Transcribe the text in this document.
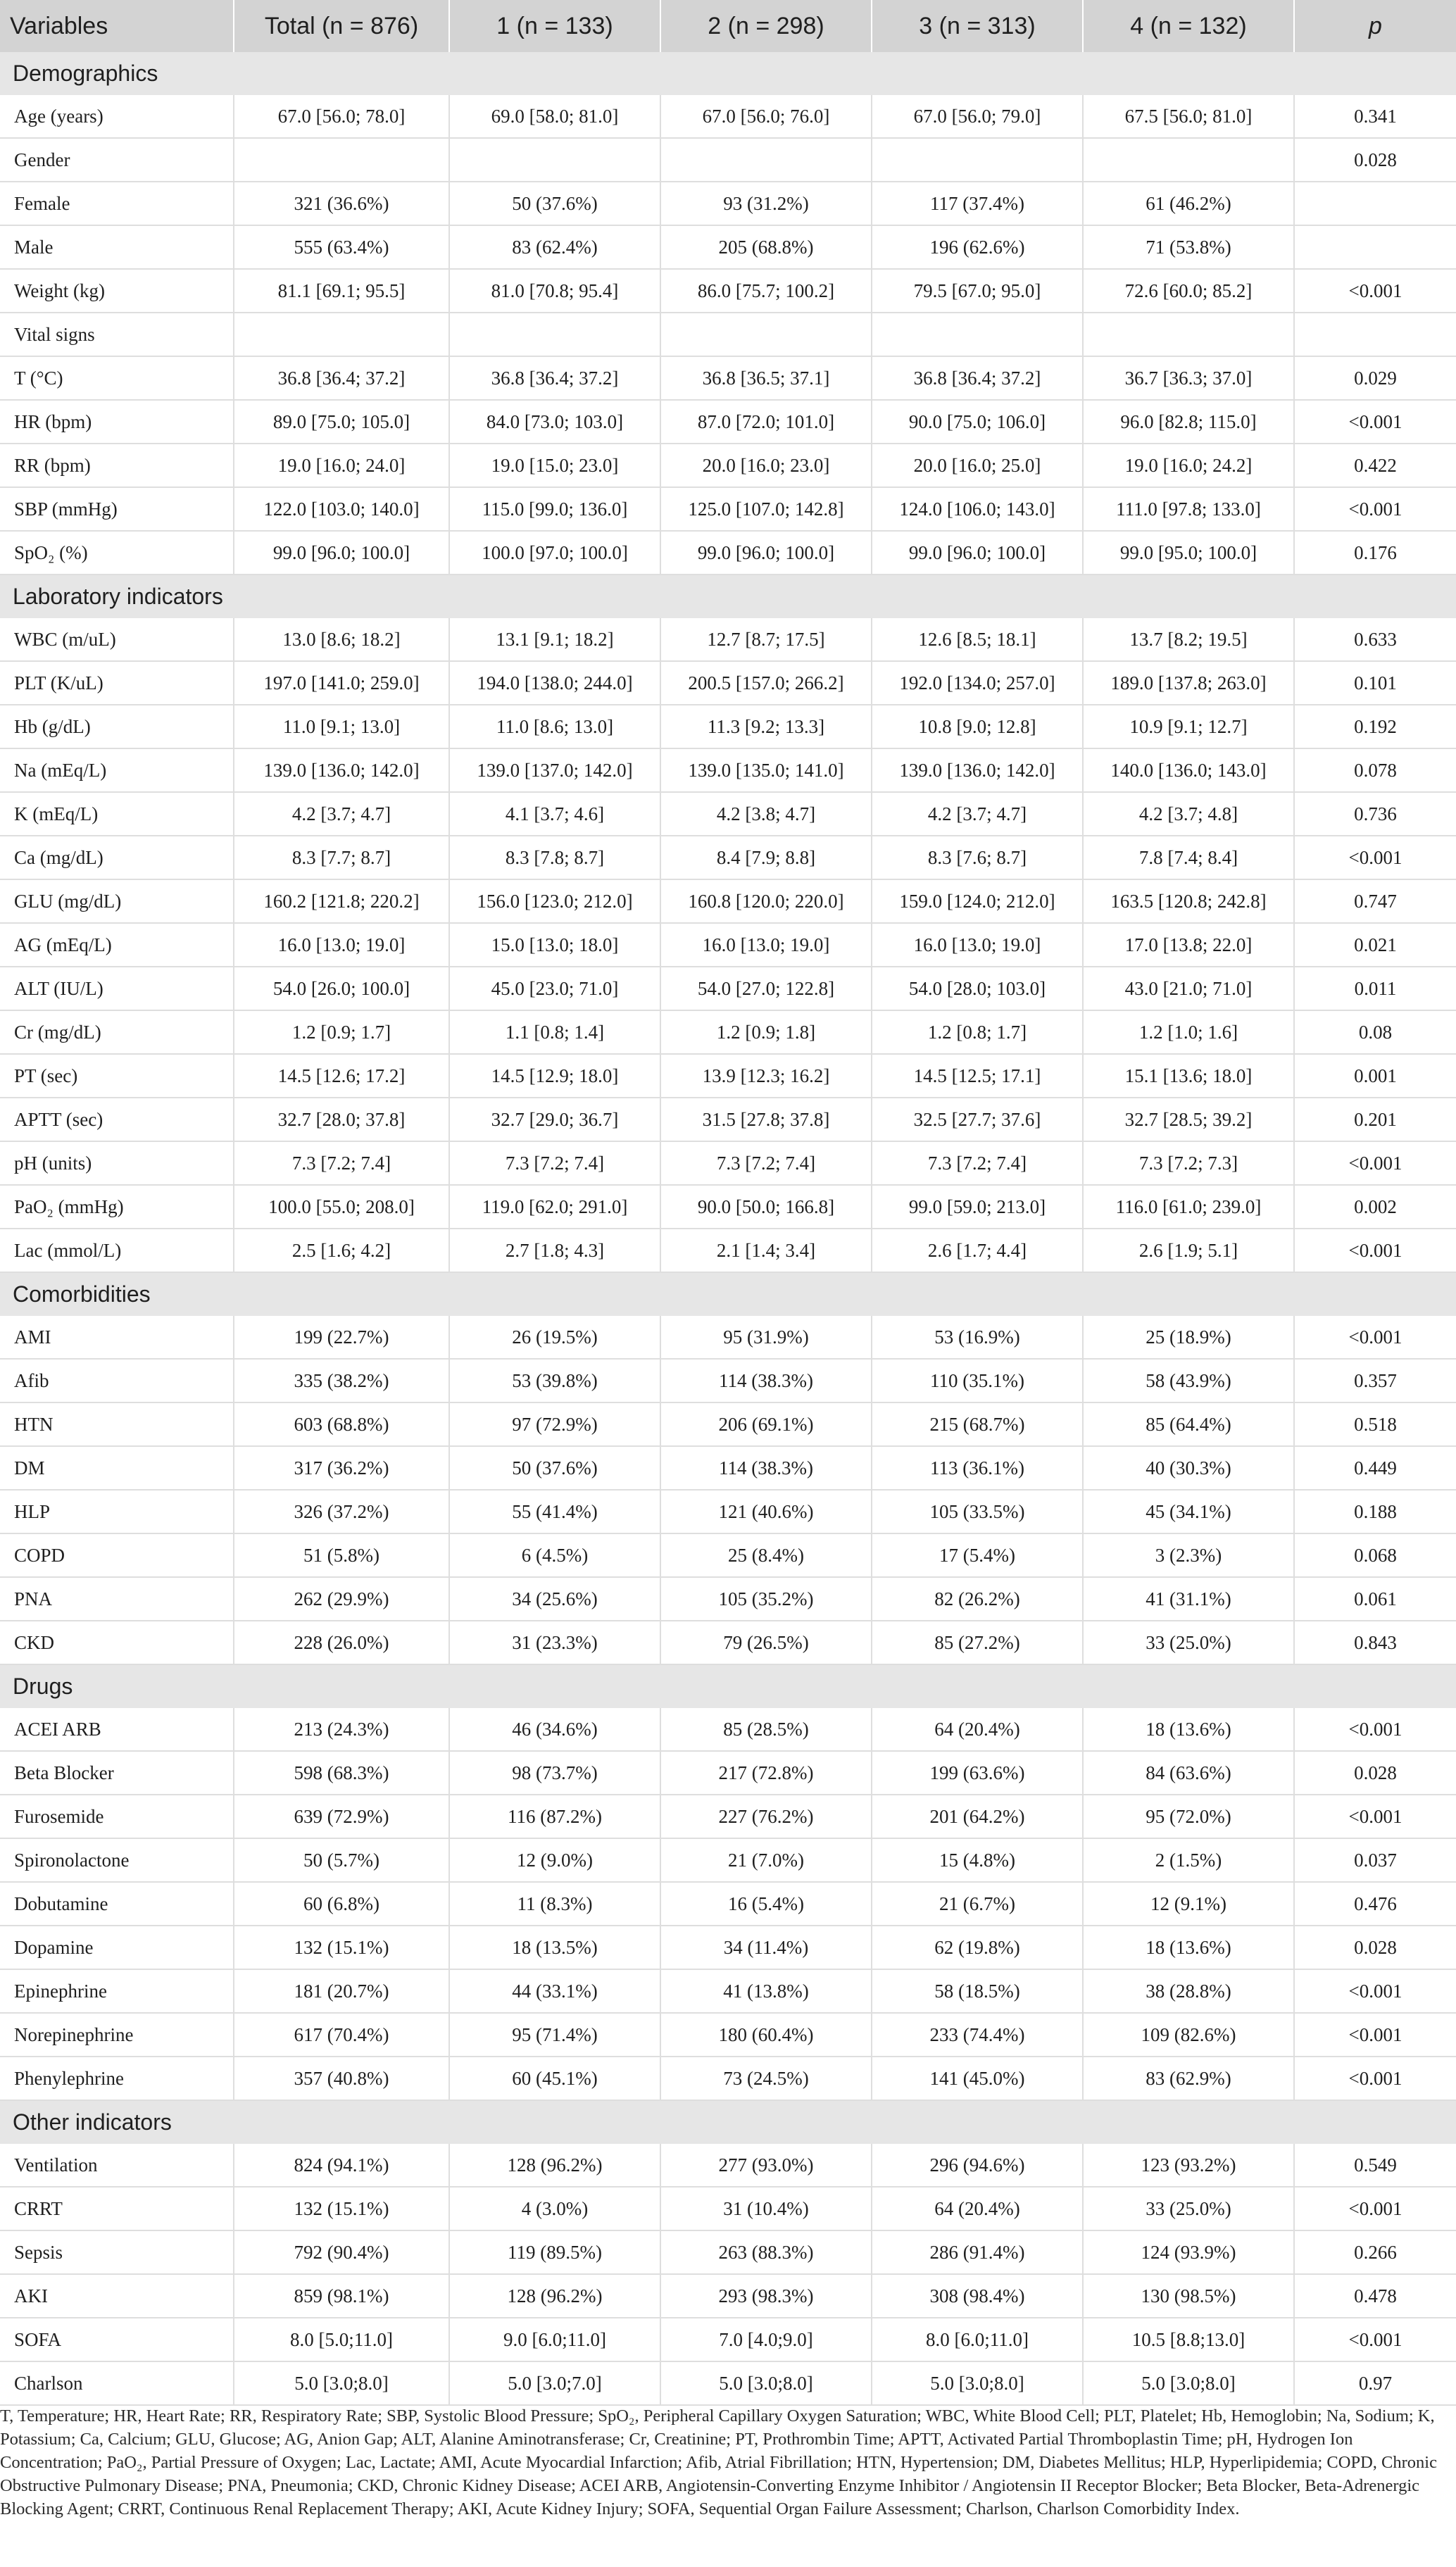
Variables	Total (n = 876)	1 (n = 133)	2 (n = 298)	3 (n = 313)	4 (n = 132)	p
Demographics						
Age (years)	67.0 [56.0; 78.0]	69.0 [58.0; 81.0]	67.0 [56.0; 76.0]	67.0 [56.0; 79.0]	67.5 [56.0; 81.0]	0.341
Gender						0.028
Female	321 (36.6%)	50 (37.6%)	93 (31.2%)	117 (37.4%)	61 (46.2%)	
Male	555 (63.4%)	83 (62.4%)	205 (68.8%)	196 (62.6%)	71 (53.8%)	
Weight (kg)	81.1 [69.1; 95.5]	81.0 [70.8; 95.4]	86.0 [75.7; 100.2]	79.5 [67.0; 95.0]	72.6 [60.0; 85.2]	<0.001
Vital signs						
T (°C)	36.8 [36.4; 37.2]	36.8 [36.4; 37.2]	36.8 [36.5; 37.1]	36.8 [36.4; 37.2]	36.7 [36.3; 37.0]	0.029
HR (bpm)	89.0 [75.0; 105.0]	84.0 [73.0; 103.0]	87.0 [72.0; 101.0]	90.0 [75.0; 106.0]	96.0 [82.8; 115.0]	<0.001
RR (bpm)	19.0 [16.0; 24.0]	19.0 [15.0; 23.0]	20.0 [16.0; 23.0]	20.0 [16.0; 25.0]	19.0 [16.0; 24.2]	0.422
SBP (mmHg)	122.0 [103.0; 140.0]	115.0 [99.0; 136.0]	125.0 [107.0; 142.8]	124.0 [106.0; 143.0]	111.0 [97.8; 133.0]	<0.001
SpO₂ (%)	99.0 [96.0; 100.0]	100.0 [97.0; 100.0]	99.0 [96.0; 100.0]	99.0 [96.0; 100.0]	99.0 [95.0; 100.0]	0.176
Laboratory indicators						
WBC (m/uL)	13.0 [8.6; 18.2]	13.1 [9.1; 18.2]	12.7 [8.7; 17.5]	12.6 [8.5; 18.1]	13.7 [8.2; 19.5]	0.633
PLT (K/uL)	197.0 [141.0; 259.0]	194.0 [138.0; 244.0]	200.5 [157.0; 266.2]	192.0 [134.0; 257.0]	189.0 [137.8; 263.0]	0.101
Hb (g/dL)	11.0 [9.1; 13.0]	11.0 [8.6; 13.0]	11.3 [9.2; 13.3]	10.8 [9.0; 12.8]	10.9 [9.1; 12.7]	0.192
Na (mEq/L)	139.0 [136.0; 142.0]	139.0 [137.0; 142.0]	139.0 [135.0; 141.0]	139.0 [136.0; 142.0]	140.0 [136.0; 143.0]	0.078
K (mEq/L)	4.2 [3.7; 4.7]	4.1 [3.7; 4.6]	4.2 [3.8; 4.7]	4.2 [3.7; 4.7]	4.2 [3.7; 4.8]	0.736
Ca (mg/dL)	8.3 [7.7; 8.7]	8.3 [7.8; 8.7]	8.4 [7.9; 8.8]	8.3 [7.6; 8.7]	7.8 [7.4; 8.4]	<0.001
GLU (mg/dL)	160.2 [121.8; 220.2]	156.0 [123.0; 212.0]	160.8 [120.0; 220.0]	159.0 [124.0; 212.0]	163.5 [120.8; 242.8]	0.747
AG (mEq/L)	16.0 [13.0; 19.0]	15.0 [13.0; 18.0]	16.0 [13.0; 19.0]	16.0 [13.0; 19.0]	17.0 [13.8; 22.0]	0.021
ALT (IU/L)	54.0 [26.0; 100.0]	45.0 [23.0; 71.0]	54.0 [27.0; 122.8]	54.0 [28.0; 103.0]	43.0 [21.0; 71.0]	0.011
Cr (mg/dL)	1.2 [0.9; 1.7]	1.1 [0.8; 1.4]	1.2 [0.9; 1.8]	1.2 [0.8; 1.7]	1.2 [1.0; 1.6]	0.08
PT (sec)	14.5 [12.6; 17.2]	14.5 [12.9; 18.0]	13.9 [12.3; 16.2]	14.5 [12.5; 17.1]	15.1 [13.6; 18.0]	0.001
APTT (sec)	32.7 [28.0; 37.8]	32.7 [29.0; 36.7]	31.5 [27.8; 37.8]	32.5 [27.7; 37.6]	32.7 [28.5; 39.2]	0.201
pH (units)	7.3 [7.2; 7.4]	7.3 [7.2; 7.4]	7.3 [7.2; 7.4]	7.3 [7.2; 7.4]	7.3 [7.2; 7.3]	<0.001
PaO₂ (mmHg)	100.0 [55.0; 208.0]	119.0 [62.0; 291.0]	90.0 [50.0; 166.8]	99.0 [59.0; 213.0]	116.0 [61.0; 239.0]	0.002
Lac (mmol/L)	2.5 [1.6; 4.2]	2.7 [1.8; 4.3]	2.1 [1.4; 3.4]	2.6 [1.7; 4.4]	2.6 [1.9; 5.1]	<0.001
Comorbidities						
AMI	199 (22.7%)	26 (19.5%)	95 (31.9%)	53 (16.9%)	25 (18.9%)	<0.001
Afib	335 (38.2%)	53 (39.8%)	114 (38.3%)	110 (35.1%)	58 (43.9%)	0.357
HTN	603 (68.8%)	97 (72.9%)	206 (69.1%)	215 (68.7%)	85 (64.4%)	0.518
DM	317 (36.2%)	50 (37.6%)	114 (38.3%)	113 (36.1%)	40 (30.3%)	0.449
HLP	326 (37.2%)	55 (41.4%)	121 (40.6%)	105 (33.5%)	45 (34.1%)	0.188
COPD	51 (5.8%)	6 (4.5%)	25 (8.4%)	17 (5.4%)	3 (2.3%)	0.068
PNA	262 (29.9%)	34 (25.6%)	105 (35.2%)	82 (26.2%)	41 (31.1%)	0.061
CKD	228 (26.0%)	31 (23.3%)	79 (26.5%)	85 (27.2%)	33 (25.0%)	0.843
Drugs						
ACEI ARB	213 (24.3%)	46 (34.6%)	85 (28.5%)	64 (20.4%)	18 (13.6%)	<0.001
Beta Blocker	598 (68.3%)	98 (73.7%)	217 (72.8%)	199 (63.6%)	84 (63.6%)	0.028
Furosemide	639 (72.9%)	116 (87.2%)	227 (76.2%)	201 (64.2%)	95 (72.0%)	<0.001
Spironolactone	50 (5.7%)	12 (9.0%)	21 (7.0%)	15 (4.8%)	2 (1.5%)	0.037
Dobutamine	60 (6.8%)	11 (8.3%)	16 (5.4%)	21 (6.7%)	12 (9.1%)	0.476
Dopamine	132 (15.1%)	18 (13.5%)	34 (11.4%)	62 (19.8%)	18 (13.6%)	0.028
Epinephrine	181 (20.7%)	44 (33.1%)	41 (13.8%)	58 (18.5%)	38 (28.8%)	<0.001
Norepinephrine	617 (70.4%)	95 (71.4%)	180 (60.4%)	233 (74.4%)	109 (82.6%)	<0.001
Phenylephrine	357 (40.8%)	60 (45.1%)	73 (24.5%)	141 (45.0%)	83 (62.9%)	<0.001
Other indicators						
Ventilation	824 (94.1%)	128 (96.2%)	277 (93.0%)	296 (94.6%)	123 (93.2%)	0.549
CRRT	132 (15.1%)	4 (3.0%)	31 (10.4%)	64 (20.4%)	33 (25.0%)	<0.001
Sepsis	792 (90.4%)	119 (89.5%)	263 (88.3%)	286 (91.4%)	124 (93.9%)	0.266
AKI	859 (98.1%)	128 (96.2%)	293 (98.3%)	308 (98.4%)	130 (98.5%)	0.478
SOFA	8.0 [5.0;11.0]	9.0 [6.0;11.0]	7.0 [4.0;9.0]	8.0 [6.0;11.0]	10.5 [8.8;13.0]	<0.001
Charlson	5.0 [3.0;8.0]	5.0 [3.0;7.0]	5.0 [3.0;8.0]	5.0 [3.0;8.0]	5.0 [3.0;8.0]	0.97
T, Temperature; HR, Heart Rate; RR, Respiratory Rate; SBP, Systolic Blood Pressure; SpO₂, Peripheral Capillary Oxygen Saturation; WBC, White Blood Cell; PLT, Platelet; Hb, Hemoglobin; Na, Sodium; K, Potassium; Ca, Calcium; GLU, Glucose; AG, Anion Gap; ALT, Alanine Aminotransferase; Cr, Creatinine; PT, Prothrombin Time; APTT, Activated Partial Thromboplastin Time; pH, Hydrogen Ion Concentration; PaO₂, Partial Pressure of Oxygen; Lac, Lactate; AMI, Acute Myocardial Infarction; Afib, Atrial Fibrillation; HTN, Hypertension; DM, Diabetes Mellitus; HLP, Hyperlipidemia; COPD, Chronic Obstructive Pulmonary Disease; PNA, Pneumonia; CKD, Chronic Kidney Disease; ACEI ARB, Angiotensin-Converting Enzyme Inhibitor / Angiotensin II Receptor Blocker; Beta Blocker, Beta-Adrenergic Blocking Agent; CRRT, Continuous Renal Replacement Therapy; AKI, Acute Kidney Injury; SOFA, Sequential Organ Failure Assessment; Charlson, Charlson Comorbidity Index.
